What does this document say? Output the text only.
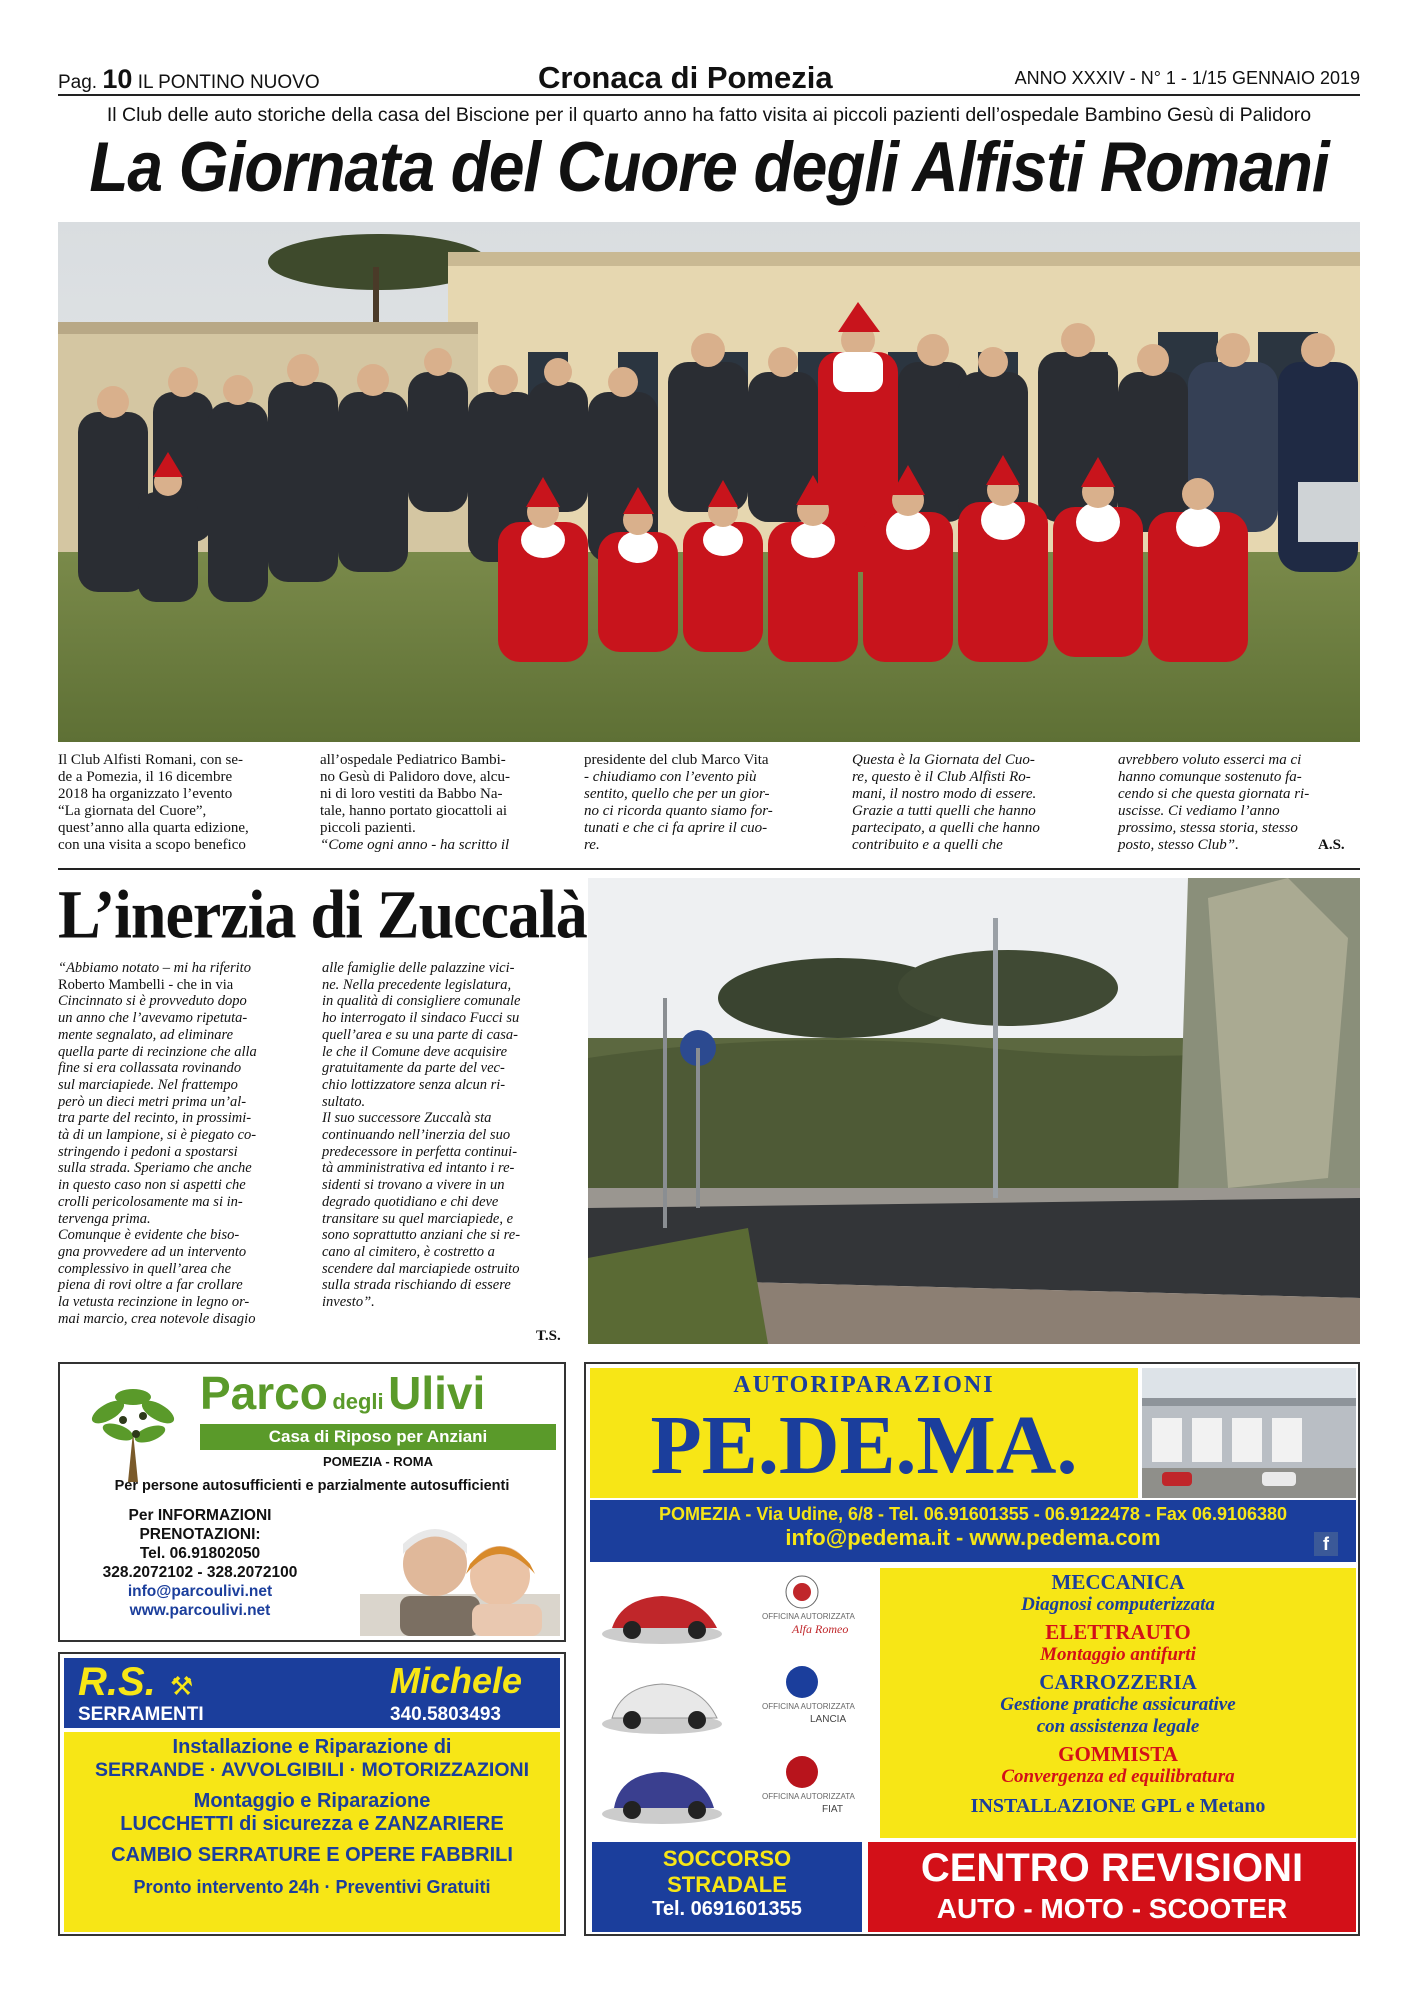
Pag. 10 IL PONTINO NUOVO	Cronaca di Pomezia	ANNO XXXIV - N° 1 - 1/15 GENNAIO 2019
Il Club delle auto storiche della casa del Biscione per il quarto anno ha fatto visita ai piccoli pazienti dell’ospedale Bambino Gesù di Palidoro
La Giornata del Cuore degli Alfisti Romani
Il Club Alfisti Romani, con se-
de a Pomezia, il 16 dicembre
2018 ha organizzato l’evento
“La giornata del Cuore”,
quest’anno alla quarta edizione,
con una visita a scopo benefico
all’ospedale Pediatrico Bambi-
no Gesù di Palidoro dove, alcu-
ni di loro vestiti da Babbo Na-
tale, hanno portato giocattoli ai
piccoli pazienti.
“Come ogni anno - ha scritto il
presidente del club Marco Vita
- chiudiamo con l’evento più
sentito, quello che per un gior-
no ci ricorda quanto siamo for-
tunati e che ci fa aprire il cuo-
re.
Questa è la Giornata del Cuo-
re, questo è il Club Alfisti Ro-
mani, il nostro modo di essere.
Grazie a tutti quelli che hanno
partecipato, a quelli che hanno
contribuito e a quelli che
avrebbero voluto esserci ma ci
hanno comunque sostenuto fa-
cendo si che questa giornata ri-
uscisse. Ci vediamo l’anno
prossimo, stessa storia, stesso
posto, stesso Club”.	A.S.
L’inerzia di Zuccalà
“Abbiamo notato – mi ha riferito
Roberto Mambelli - che in via
Cincinnato si è provveduto dopo
un anno che l’avevamo ripetuta-
mente segnalato, ad eliminare
quella parte di recinzione che alla
fine si era collassata rovinando
sul marciapiede. Nel frattempo
però un dieci metri prima un’al-
tra parte del recinto, in prossimi-
tà di un lampione, si è piegato co-
stringendo i pedoni a spostarsi
sulla strada. Speriamo che anche
in questo caso non si aspetti che
crolli pericolosamente ma si in-
tervenga prima.
Comunque è evidente che biso-
gna provvedere ad un intervento
complessivo in quell’area che
piena di rovi oltre a far crollare
la vetusta recinzione in legno or-
mai marcio, crea notevole disagio
alle famiglie delle palazzine vici-
ne. Nella precedente legislatura,
in qualità di consigliere comunale
ho interrogato il sindaco Fucci su
quell’area e su una parte di casa-
le che il Comune deve acquisire
gratuitamente da parte del vec-
chio lottizzatore senza alcun ri-
sultato.
Il suo successore Zuccalà sta
continuando nell’inerzia del suo
predecessore in perfetta continui-
tà amministrativa ed intanto i re-
sidenti si trovano a vivere in un
degrado quotidiano e chi deve
transitare su quel marciapiede, e
sono soprattutto anziani che si re-
cano al cimitero, è costretto a
scendere dal marciapiede ostruito
sulla strada rischiando di essere
investo”.
T.S.
Parco degli Ulivi
Casa di Riposo per Anziani
POMEZIA - ROMA
Per persone autosufficienti e parzialmente autosufficienti
Per INFORMAZIONI
PRENOTAZIONI:
Tel. 06.91802050
328.2072102 - 328.2072100
info@parcoulivi.net
www.parcoulivi.net
R.S. ⚒	Michele
SERRAMENTI	340.5803493
Installazione e Riparazione di
SERRANDE · AVVOLGIBILI · MOTORIZZAZIONI
Montaggio e Riparazione
LUCCHETTI di sicurezza e ZANZARIERE
CAMBIO SERRATURE E OPERE FABBRILI
Pronto intervento 24h · Preventivi Gratuiti
AUTORIPARAZIONI
PE.DE.MA.
POMEZIA - Via Udine, 6/8 - Tel. 06.91601355 - 06.9122478 - Fax 06.9106380
info@pedema.it - www.pedema.com	f
OFFICINA AUTORIZZATA
Alfa Romeo
OFFICINA AUTORIZZATA
LANCIA
OFFICINA AUTORIZZATA
FIAT
MECCANICA
Diagnosi computerizzata
ELETTRAUTO
Montaggio antifurti
CARROZZERIA
Gestione pratiche assicurative
con assistenza legale
GOMMISTA
Convergenza ed equilibratura
INSTALLAZIONE GPL e Metano
SOCCORSO
STRADALE
Tel. 0691601355
CENTRO REVISIONI
AUTO - MOTO - SCOOTER
